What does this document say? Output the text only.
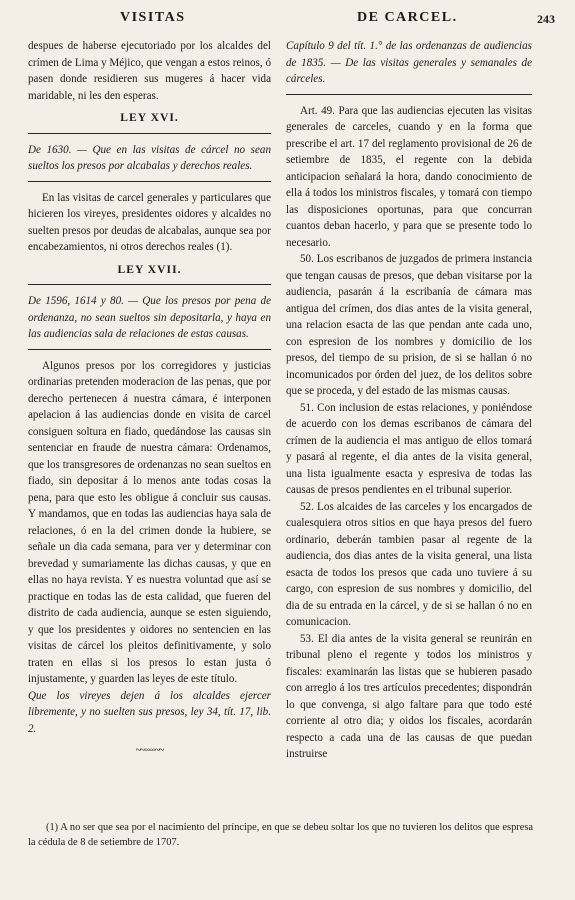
VISITAS	DE CARCEL.	243

despues de haberse ejecutoriado por los alcaldes del crímen de Lima y Méjico, que vengan a estos reinos, ó pasen donde residieren sus mugeres á hacer vida maridable, ni les den esperas.

LEY XVI.

De 1630. — Que en las visitas de cárcel no sean sueltos los presos por alcabalas y derechos reales.

En las visitas de carcel generales y particulares que hicieren los vireyes, presidentes oidores y alcaldes no suelten presos por deudas de alcabalas, aunque sea por encabezamientos, ni otros derechos reales (1).

LEY XVII.

De 1596, 1614 y 80. — Que los presos por pena de ordenanza, no sean sueltos sin depositarla, y haya en las audiencias sala de relaciones de estas causas.

Algunos presos por los corregidores y justicias ordinarias pretenden moderacion de las penas, que por derecho pertenecen á nuestra cámara, é interponen apelacion á las audiencias donde en visita de carcel consiguen soltura en fiado, quedándose las causas sin sentenciar en fraude de nuestra cámara: Ordenamos, que los transgresores de ordenanzas no sean sueltos en fiado, sin depositar á lo menos ante todas cosas la pena, para que esto les obligue á concluir sus causas. Y mandamos, que en todas las audiencias haya sala de relaciones, ó en la del crimen donde la hubiere, se señale un dia cada semana, para ver y determinar con brevedad y sumariamente las dichas causas, y que en ellas no haya revista. Y es nuestra voluntad que así se practique en todas las de esta calidad, que fueren del distrito de cada audiencia, aunque se esten siguiendo, y que los presidentes y oidores no sentencien en las visitas de cárcel los pleitos definitivamente, y solo traten en ellas si los presos lo estan justa ó injustamente, y guarden las leyes de este título.

Que los vireyes dejen á los alcaldes ejercer libremente, y no suelten sus presos, ley 34, tít. 17, lib. 2.

~~◦◦◦◦~~

Capítulo 9 del tít. 1.° de las ordenanzas de audiencias de 1835. — De las visitas generales y semanales de cárceles.

Art. 49. Para que las audiencias ejecuten las visitas generales de carceles, cuando y en la forma que prescribe el art. 17 del reglamento provisional de 26 de setiembre de 1835, el regente con la debida anticipacion señalará la hora, dando conocimiento de ella á todos los ministros fiscales, y tomará con tiempo las disposiciones oportunas, para que concurran cuantos deban hacerlo, y para que se presente todo lo necesario.

50. Los escribanos de juzgados de primera instancia que tengan causas de presos, que deban visitarse por la audiencia, pasarán á la escribanía de cámara mas antigua del crímen, dos dias antes de la visita general, una relacion esacta de las que pendan ante cada uno, con espresion de los nombres y domicilio de los presos, del tiempo de su prision, de si se hallan ó no incomunicados por órden del juez, de los delitos sobre que se proceda, y del estado de las mismas causas.

51. Con inclusion de estas relaciones, y poniéndose de acuerdo con los demas escribanos de cámara del crímen de la audiencia el mas antiguo de ellos tomará y pasará al regente, el dia antes de la visita general, una lista igualmente esacta y espresiva de todas las causas de presos pendientes en el tribunal superior.

52. Los alcaides de las carceles y los encargados de cualesquiera otros sitios en que haya presos del fuero ordinario, deberán tambien pasar al regente de la audiencia, dos dias antes de la visita general, una lista esacta de todos los presos que cada uno tuviere á su cargo, con espresion de sus nombres y domicilio, del dia de su entrada en la cárcel, y de si se hallan ó no en comunicacion.

53. El dia antes de la visita general se reunirán en tribunal pleno el regente y todos los ministros y fiscales: examinarán las listas que se hubieren pasado con arreglo á los tres artículos precedentes; dispondrán lo que convenga, si algo faltare para que todo esté corriente al otro dia; y oidos los fiscales, acordarán respecto a cada una de las causas de que puedan instruirse

(1) A no ser que sea por el nacimiento del príncipe, en que se debeu soltar los que no tuvieren los delitos que espresa la cédula de 8 de setiembre de 1707.
